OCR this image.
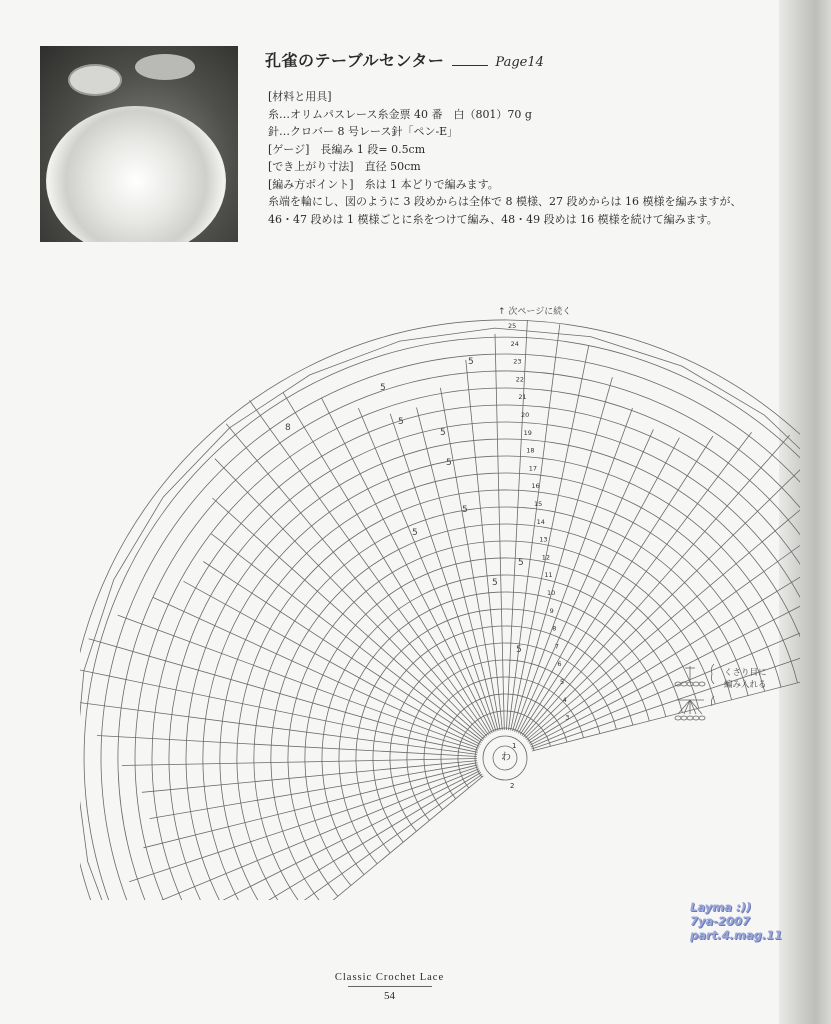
孔雀のテーブルセンター	Page14

[材料と用具]

糸…オリムパスレース糸金票 40 番　白（801）70 g

針…クロバー 8 号レース針「ペン-E」

[ゲージ]　長編み 1 段= 0.5cm

[でき上がり寸法]　直径 50cm

[編み方ポイント]　糸は 1 本どりで編みます。

糸端を輪にし、図のように 3 段めからは全体で 8 模様、27 段めからは 16 模様を編みますが、

46・47 段めは 1 模様ごとに糸をつけて編み、48・49 段めは 16 模様を続けて編みます。

↑ 次ページに続く
わ
1
2
25
24
23
22
21
20
19
18
17
16
15
14
13
12
11
10
9
8
7
6
5
4
3
5
5
5
8	5
5
5
5
5
5
5
くさり目に
編み入れる
Layma :))
7ya-2007
part.4.mag.11
Classic Crochet Lace
54
